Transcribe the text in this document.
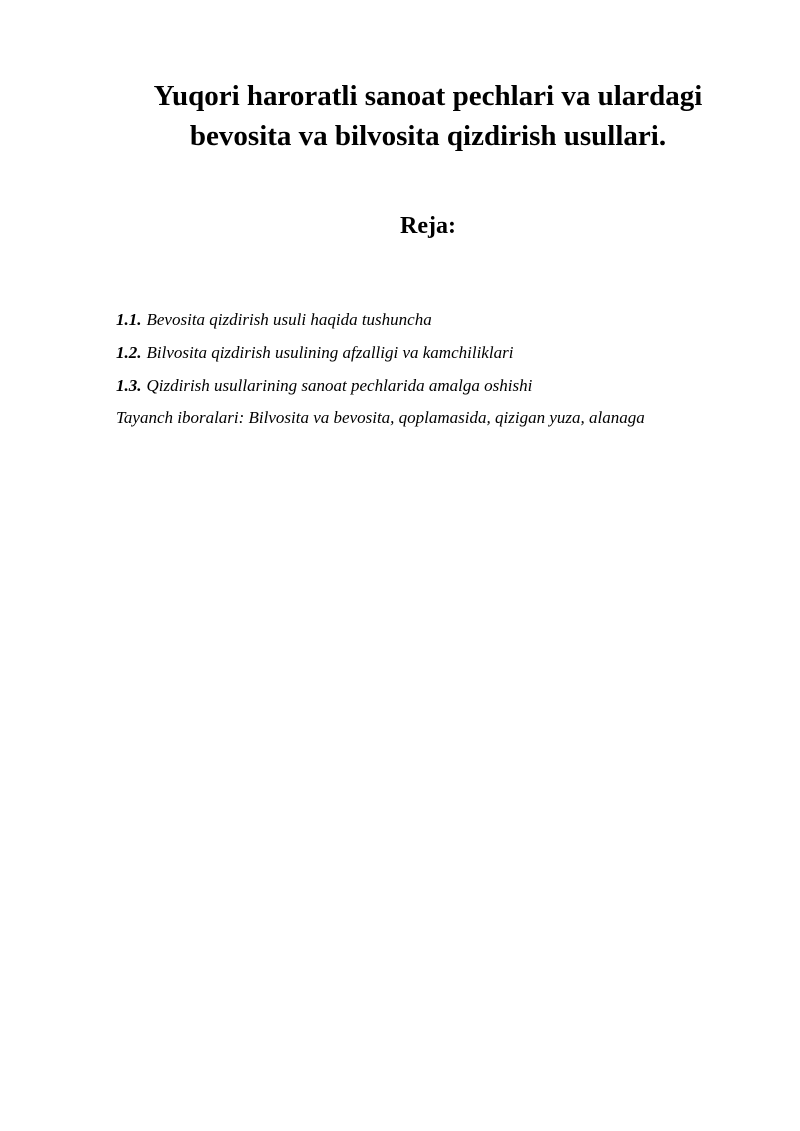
Yuqori haroratli sanoat pechlari va ulardagi
bevosita va bilvosita qizdirish usullari.
Reja:
1.1. Bevosita qizdirish usuli haqida tushuncha
1.2. Bilvosita qizdirish usulining afzalligi va kamchiliklari
1.3. Qizdirish usullarining sanoat pechlarida amalga oshishi

Tayanch iboralari: Bilvosita va bevosita, qoplamasida, qizigan yuza, alanaga
